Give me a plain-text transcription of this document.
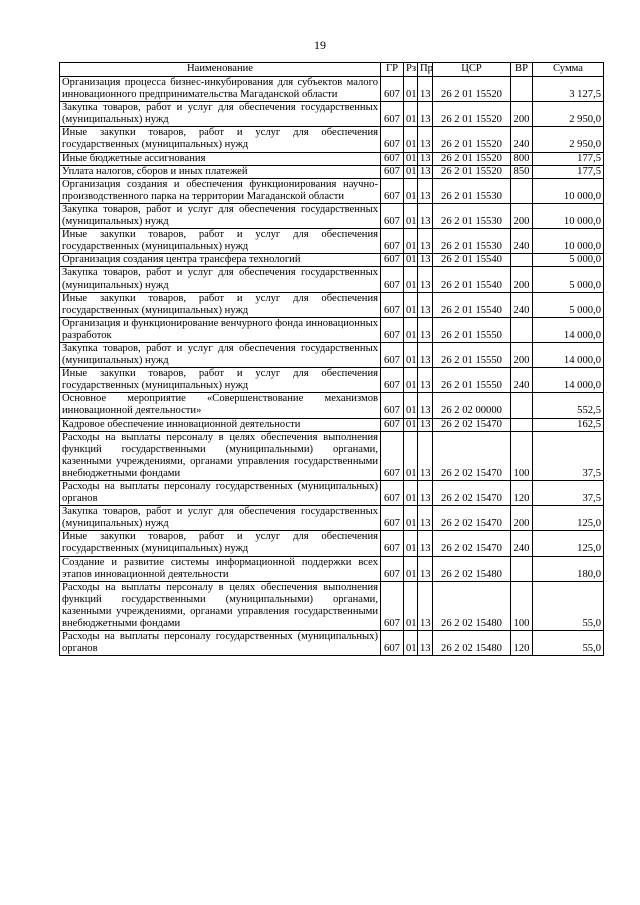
19
Наименование	ГР	Рз	Пр	ЦСР	ВР	Сумма
Организация процесса бизнес-инкубирования для субъектов малого инновационного предпринимательства Магаданской области	607	01	13	26 2 01 15520		3 127,5
Закупка товаров, работ и услуг для обеспечения государственных (муниципальных) нужд	607	01	13	26 2 01 15520	200	2 950,0
Иные закупки товаров, работ и услуг для обеспечения государственных (муниципальных) нужд	607	01	13	26 2 01 15520	240	2 950,0
Иные бюджетные ассигнования	607	01	13	26 2 01 15520	800	177,5
Уплата налогов, сборов и иных платежей	607	01	13	26 2 01 15520	850	177,5
Организация создания и обеспечения функционирования научно-производственного парка на территории Магаданской области	607	01	13	26 2 01 15530		10 000,0
Закупка товаров, работ и услуг для обеспечения государственных (муниципальных) нужд	607	01	13	26 2 01 15530	200	10 000,0
Иные закупки товаров, работ и услуг для обеспечения государственных (муниципальных) нужд	607	01	13	26 2 01 15530	240	10 000,0
Организация создания центра трансфера технологий	607	01	13	26 2 01 15540		5 000,0
Закупка товаров, работ и услуг для обеспечения государственных (муниципальных) нужд	607	01	13	26 2 01 15540	200	5 000,0
Иные закупки товаров, работ и услуг для обеспечения государственных (муниципальных) нужд	607	01	13	26 2 01 15540	240	5 000,0
Организация и функционирование венчурного фонда инновационных разработок	607	01	13	26 2 01 15550		14 000,0
Закупка товаров, работ и услуг для обеспечения государственных (муниципальных) нужд	607	01	13	26 2 01 15550	200	14 000,0
Иные закупки товаров, работ и услуг для обеспечения государственных (муниципальных) нужд	607	01	13	26 2 01 15550	240	14 000,0
Основное мероприятие «Совершенствование механизмов инновационной деятельности»	607	01	13	26 2 02 00000		552,5
Кадровое обеспечение инновационной деятельности	607	01	13	26 2 02 15470		162,5
Расходы на выплаты персоналу в целях обеспечения выполнения функций государственными (муниципальными) органами, казенными учреждениями, органами управления государственными внебюджетными фондами	607	01	13	26 2 02 15470	100	37,5
Расходы на выплаты персоналу государственных (муниципальных) органов	607	01	13	26 2 02 15470	120	37,5
Закупка товаров, работ и услуг для обеспечения государственных (муниципальных) нужд	607	01	13	26 2 02 15470	200	125,0
Иные закупки товаров, работ и услуг для обеспечения государственных (муниципальных) нужд	607	01	13	26 2 02 15470	240	125,0
Создание и развитие системы информационной поддержки всех этапов инновационной деятельности	607	01	13	26 2 02 15480		180,0
Расходы на выплаты персоналу в целях обеспечения выполнения функций государственными (муниципальными) органами, казенными учреждениями, органами управления государственными внебюджетными фондами	607	01	13	26 2 02 15480	100	55,0
Расходы на выплаты персоналу государственных (муниципальных) органов	607	01	13	26 2 02 15480	120	55,0
